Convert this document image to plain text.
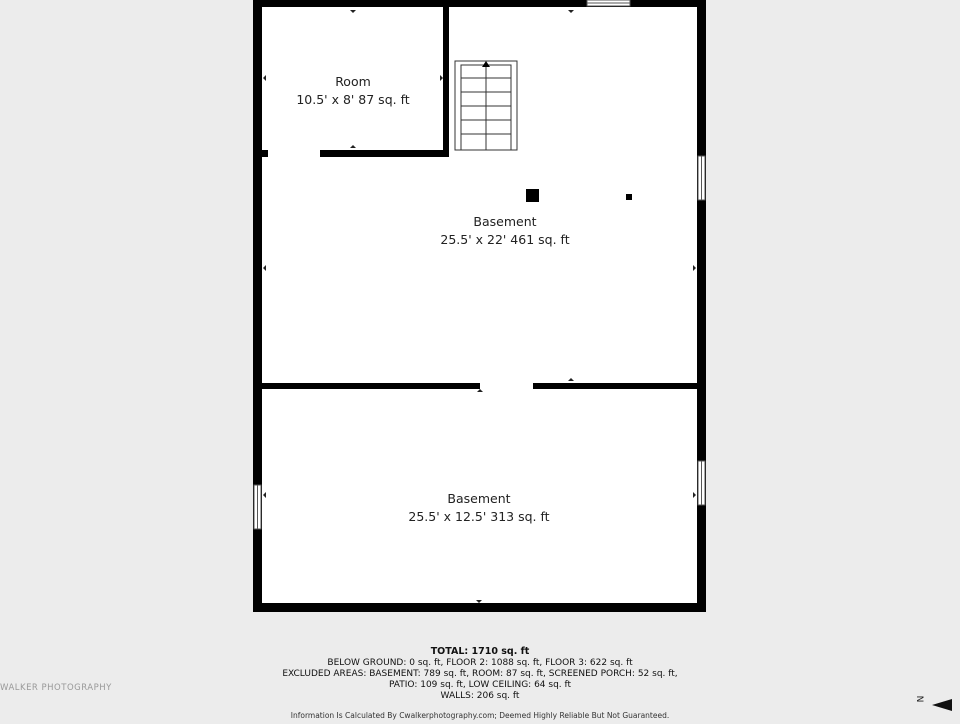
Room
10.5' x 8' 87 sq. ft
Basement
25.5' x 22' 461 sq. ft
Basement
25.5' x 12.5' 313 sq. ft
TOTAL: 1710 sq. ft
BELOW GROUND: 0 sq. ft, FLOOR 2: 1088 sq. ft, FLOOR 3: 622 sq. ft
EXCLUDED AREAS: BASEMENT: 789 sq. ft, ROOM: 87 sq. ft, SCREENED PORCH: 52 sq. ft,
PATIO: 109 sq. ft, LOW CEILING: 64 sq. ft
WALLS: 206 sq. ft
Information Is Calculated By Cwalkerphotography.com; Deemed Highly Reliable But Not Guaranteed.
WALKER PHOTOGRAPHY
N
